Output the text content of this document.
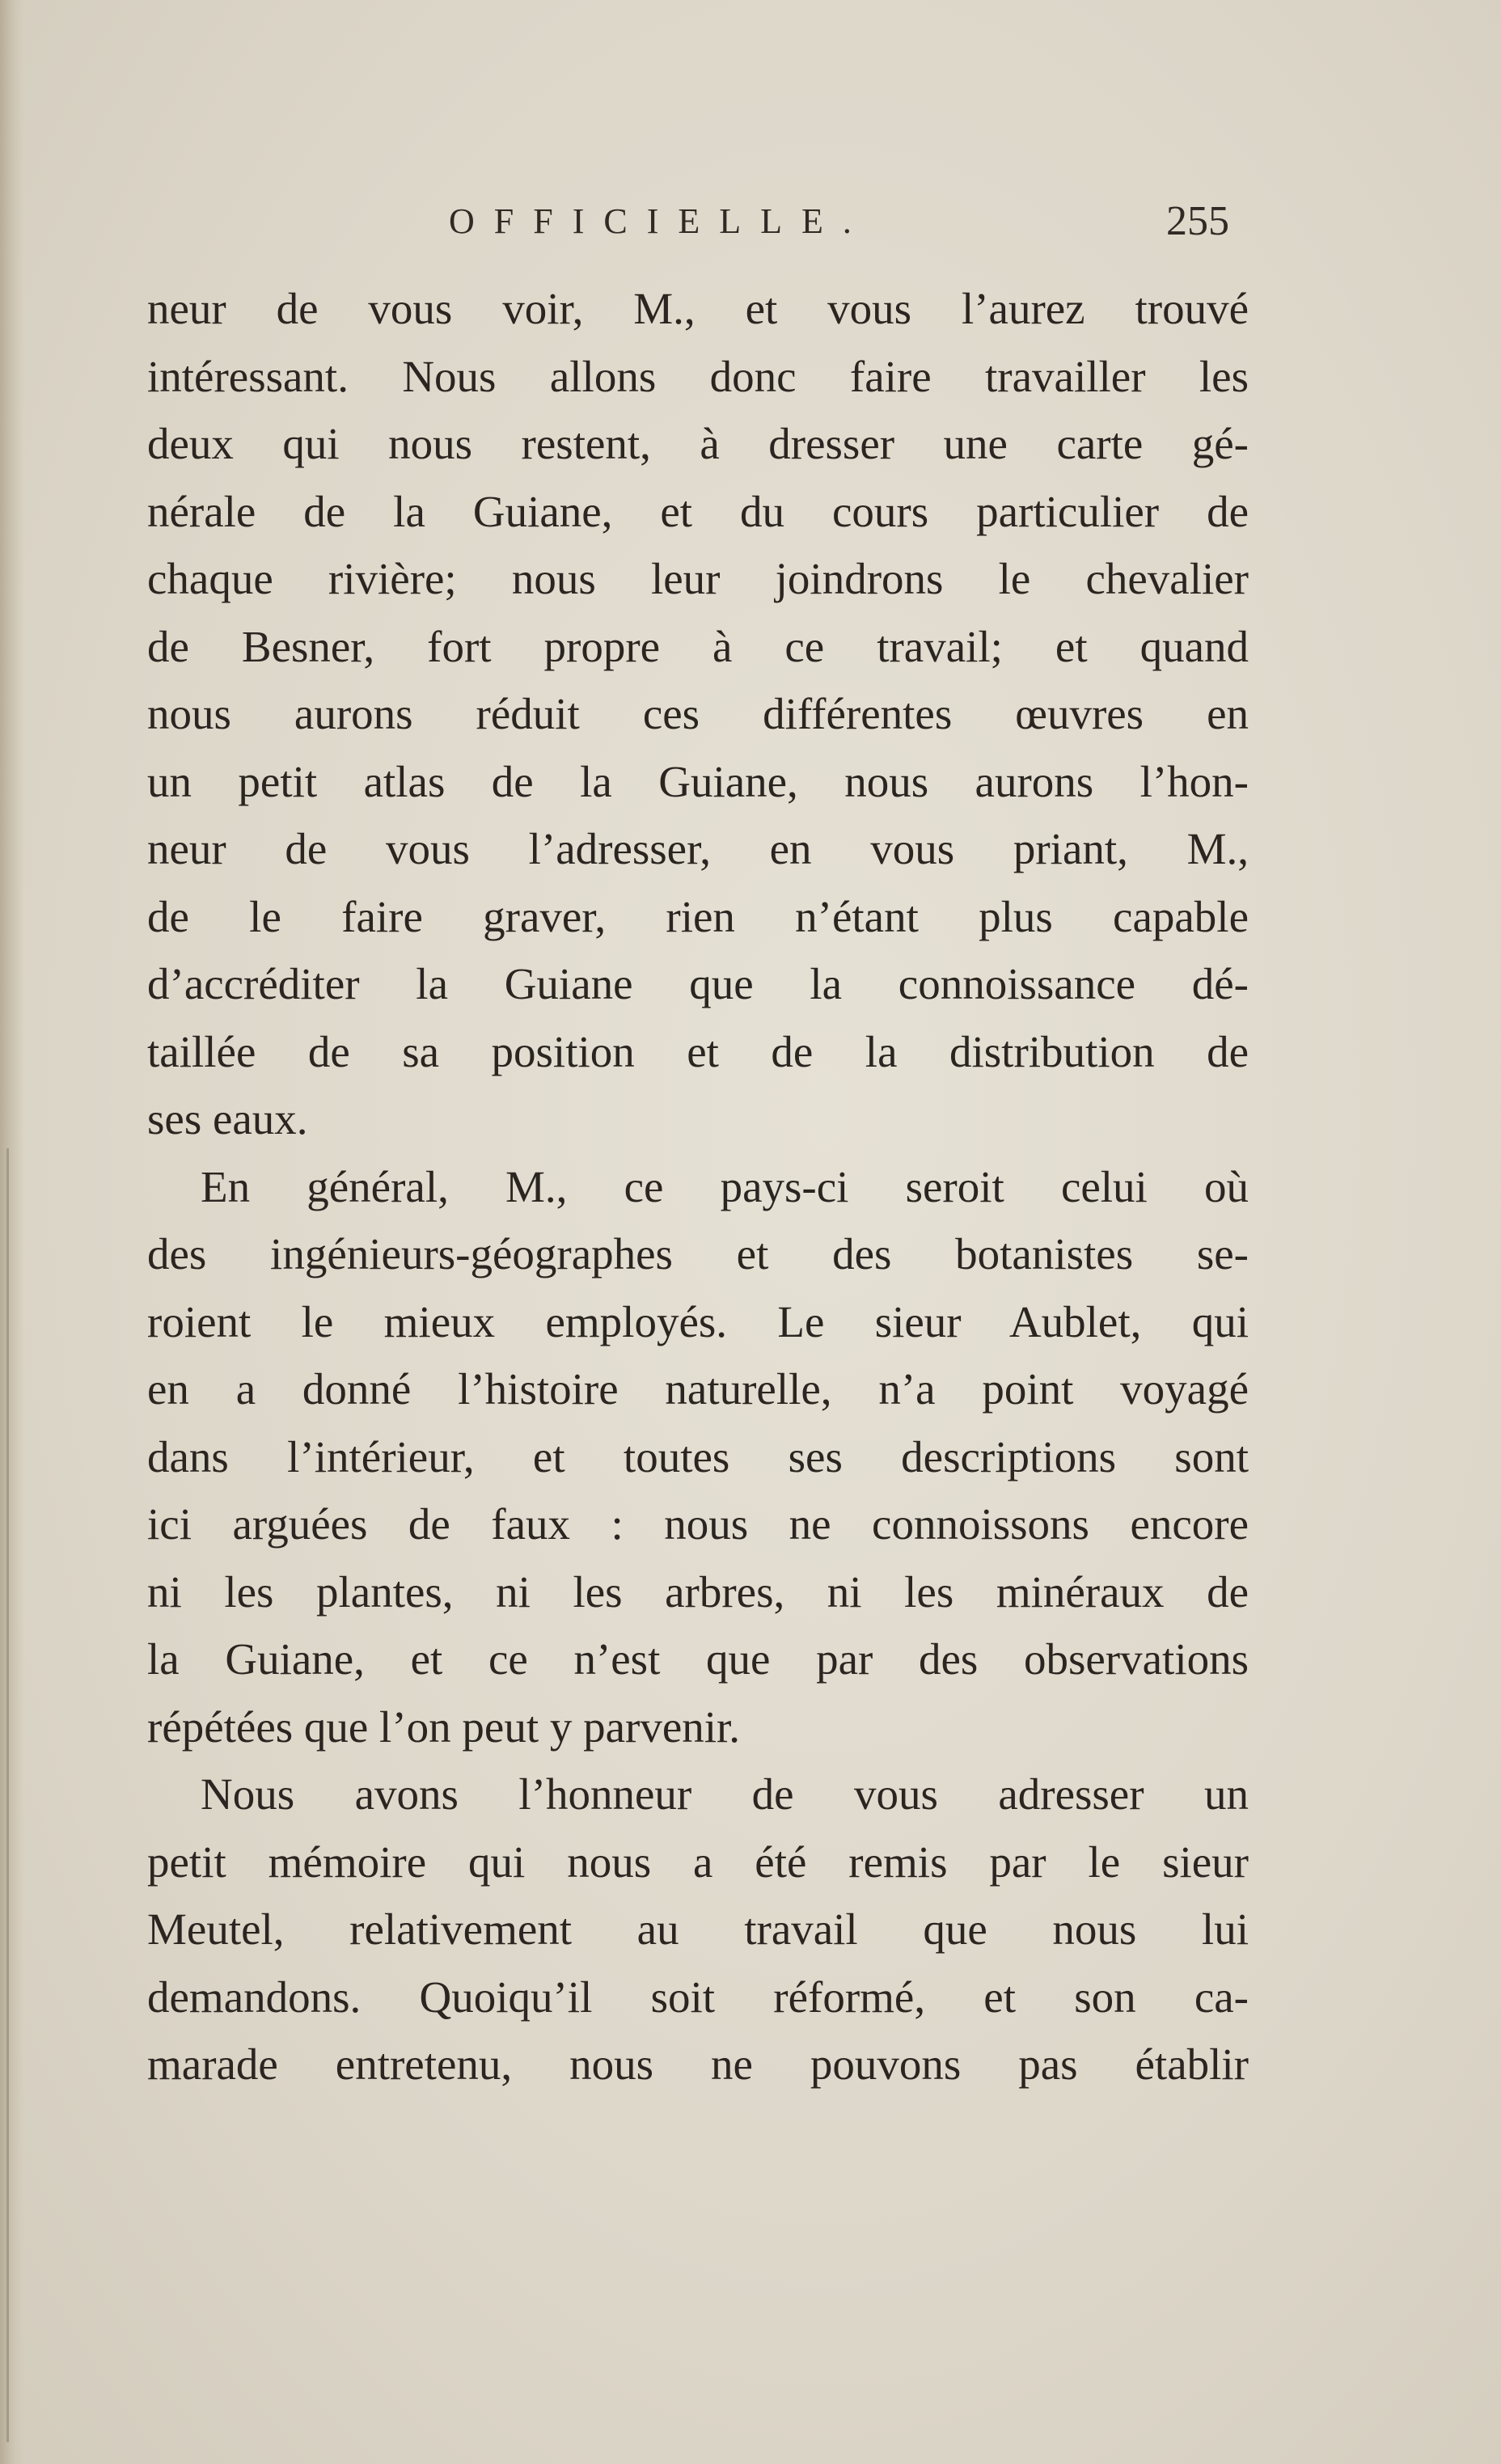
OFFICIELLE.	255
neur de vous voir, M., et vous l’aurez trouvé
intéressant. Nous allons donc faire travailler les
deux qui nous restent, à dresser une carte gé-
nérale de la Guiane, et du cours particulier de
chaque rivière; nous leur joindrons le chevalier
de Besner, fort propre à ce travail; et quand
nous aurons réduit ces différentes œuvres en
un petit atlas de la Guiane, nous aurons l’hon-
neur de vous l’adresser, en vous priant, M.,
de le faire graver, rien n’étant plus capable
d’accréditer la Guiane que la connoissance dé-
taillée de sa position et de la distribution de
ses eaux.
En général, M., ce pays-ci seroit celui où
des ingénieurs-géographes et des botanistes se-
roient le mieux employés. Le sieur Aublet, qui
en a donné l’histoire naturelle, n’a point voyagé
dans l’intérieur, et toutes ses descriptions sont
ici arguées de faux : nous ne connoissons encore
ni les plantes, ni les arbres, ni les minéraux de
la Guiane, et ce n’est que par des observations
répétées que l’on peut y parvenir.
Nous avons l’honneur de vous adresser un
petit mémoire qui nous a été remis par le sieur
Meutel, relativement au travail que nous lui
demandons. Quoiqu’il soit réformé, et son ca-
marade entretenu, nous ne pouvons pas établir
